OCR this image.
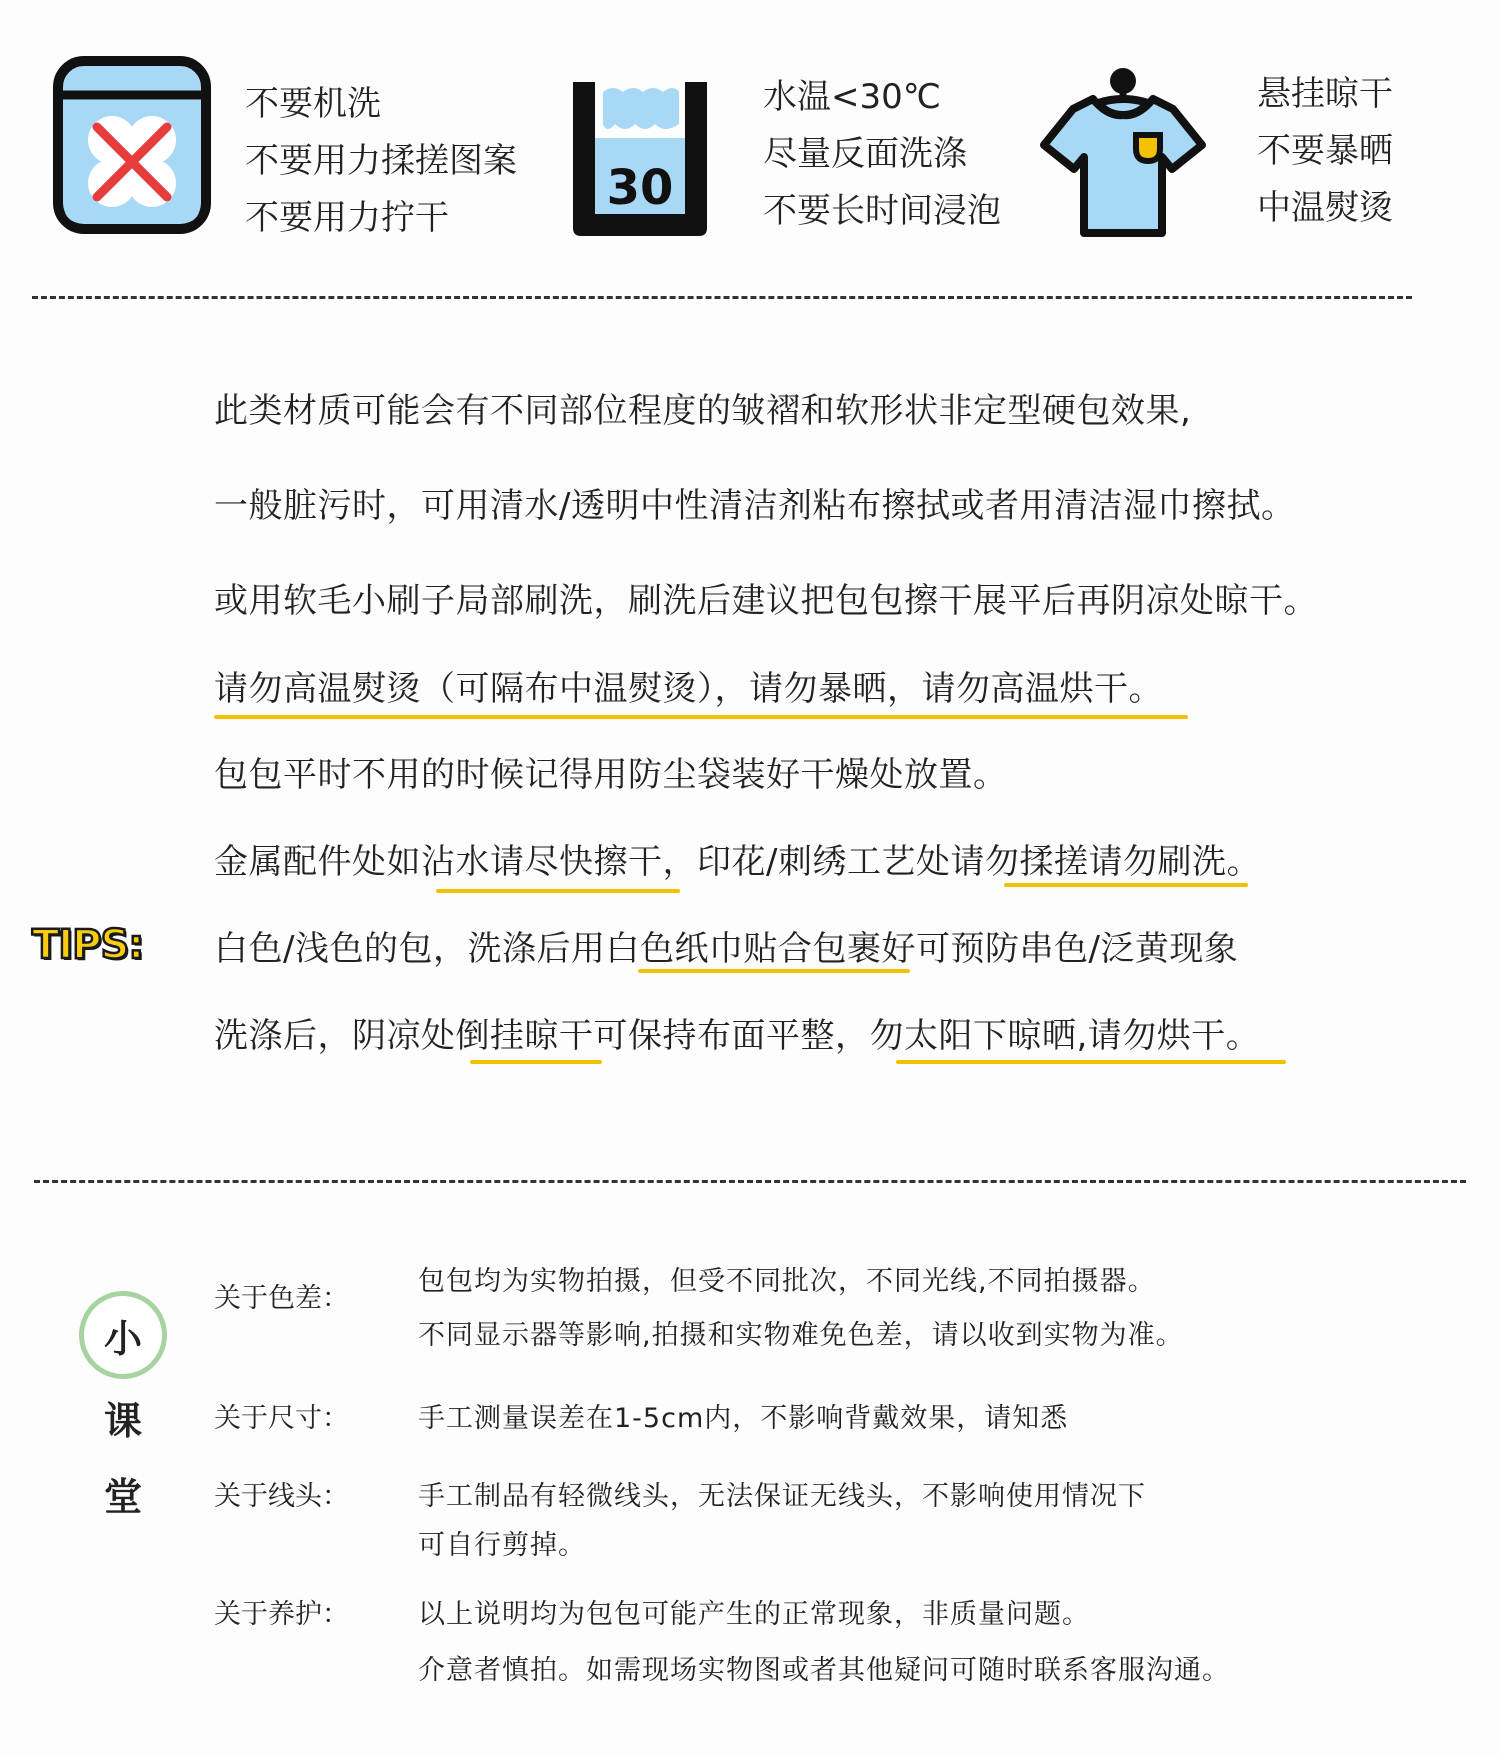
不要机洗
不要用力揉搓图案
不要用力拧干
30
水温<30℃
尽量反面洗涤
不要长时间浸泡
悬挂晾干
不要暴晒
中温熨烫
TIPS:
此类材质可能会有不同部位程度的皱褶和软形状非定型硬包效果,
一般脏污时，可用清水/透明中性清洁剂粘布擦拭或者用清洁湿巾擦拭。
或用软毛小刷子局部刷洗，刷洗后建议把包包擦干展平后再阴凉处晾干。
请勿高温熨烫（可隔布中温熨烫），请勿暴晒，请勿高温烘干。
包包平时不用的时候记得用防尘袋装好干燥处放置。
金属配件处如沾水请尽快擦干，印花/刺绣工艺处请勿揉搓请勿刷洗。
白色/浅色的包，洗涤后用白色纸巾贴合包裹好可预防串色/泛黄现象
洗涤后，阴凉处倒挂晾干可保持布面平整，勿太阳下晾晒,请勿烘干。
小
课
堂
关于色差：
包包均为实物拍摄，但受不同批次，不同光线,不同拍摄器。
不同显示器等影响,拍摄和实物难免色差，请以收到实物为准。
关于尺寸：	手工测量误差在1-5cm内，不影响背戴效果，请知悉
关于线头：	手工制品有轻微线头，无法保证无线头，不影响使用情况下
可自行剪掉。
关于养护：	以上说明均为包包可能产生的正常现象，非质量问题。
介意者慎拍。如需现场实物图或者其他疑问可随时联系客服沟通。
